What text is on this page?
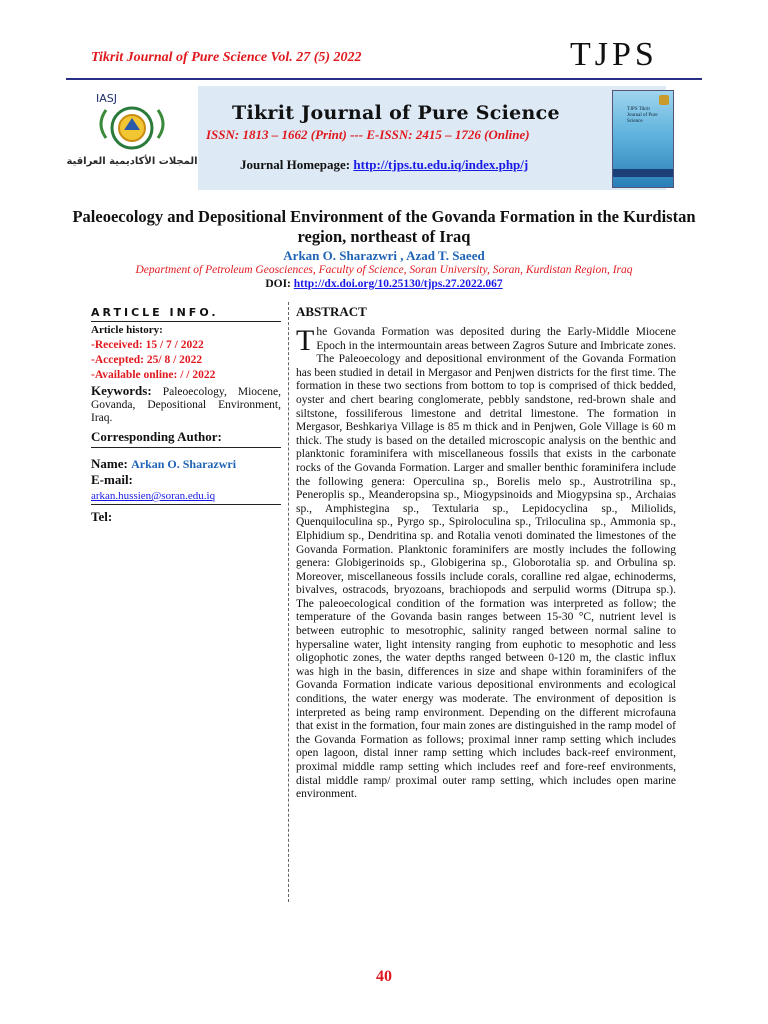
Tikrit Journal of Pure Science Vol. 27 (5) 2022	TJPS
IASJ
المجلات الأكاديمية العراقية
TJPS Tikrit Journal of Pure Science
Tikrit Journal of Pure Science
ISSN: 1813 – 1662 (Print) --- E-ISSN: 2415 – 1726 (Online)
Journal Homepage: http://tjps.tu.edu.iq/index.php/j
Paleoecology and Depositional Environment of the Govanda Formation in the Kurdistan region, northeast of Iraq
Arkan O. Sharazwri , Azad T. Saeed
Department of Petroleum Geosciences, Faculty of Science, Soran University, Soran, Kurdistan Region, Iraq
DOI: http://dx.doi.org/10.25130/tjps.27.2022.067
ARTICLE INFO.
Article history:
-Received: 15 / 7 / 2022
-Accepted: 25/ 8 / 2022
-Available online: / / 2022
Keywords: Paleoecology, Miocene, Govanda, Depositional Environment, Iraq.
Corresponding Author:
Name: Arkan O. Sharazwri
E-mail:
arkan.hussien@soran.edu.iq
Tel:
ABSTRACT
The Govanda Formation was deposited during the Early-Middle Miocene Epoch in the intermountain areas between Zagros Suture and Imbricate zones. The Paleoecology and depositional environment of the Govanda Formation has been studied in detail in Mergasor and Penjwen districts for the first time. The formation in these two sections from bottom to top is comprised of thick bedded, oyster and chert bearing conglomerate, pebbly sandstone, red-brown shale and siltstone, fossiliferous limestone and detrital limestone. The formation in Mergasor, Beshkariya Village is 85 m thick and in Penjwen, Gole Village is 60 m thick. The study is based on the detailed microscopic analysis on the benthic and planktonic foraminifera with miscellaneous fossils that exists in the carbonate rocks of the Govanda Formation. Larger and smaller benthic foraminifera include the following genera: Operculina sp., Borelis melo sp., Austrotrilina sp., Peneroplis sp., Meanderopsina sp., Miogypsinoids and Miogypsina sp., Archaias sp., Amphistegina sp., Textularia sp., Lepidocyclina sp., Miliolids, Quenquiloculina sp., Pyrgo sp., Spiroloculina sp., Triloculina sp., Ammonia sp., Elphidium sp., Dendritina sp. and Rotalia venoti dominated the limestones of the Govanda Formation. Planktonic foraminifers are mostly includes the following genera: Globigerinoids sp., Globigerina sp., Globorotalia sp. and Orbulina sp. Moreover, miscellaneous fossils include corals, coralline red algae, echinoderms, bivalves, ostracods, bryozoans, brachiopods and serpulid worms (Ditrupa sp.). The paleoecological condition of the formation was interpreted as follow; the temperature of the Govanda basin ranges between 15-30 °C, nutrient level is between eutrophic to mesotrophic, salinity ranged between normal saline to hypersaline water, light intensity ranging from euphotic to mesophotic and less oligophotic zones, the water depths ranged between 0-120 m, the clastic influx was high in the basin, differences in size and shape within foraminifers of the Govanda Formation indicate various depositional environments and ecological conditions, the water energy was moderate. The environment of deposition is interpreted as being ramp environment. Depending on the different microfauna that exist in the formation, four main zones are distinguished in the ramp model of the Govanda Formation as follows; proximal inner ramp setting which includes open lagoon, distal inner ramp setting which includes back-reef environment, proximal middle ramp setting which includes reef and fore-reef environments, distal middle ramp/ proximal outer ramp setting, which includes open marine environment.
40
